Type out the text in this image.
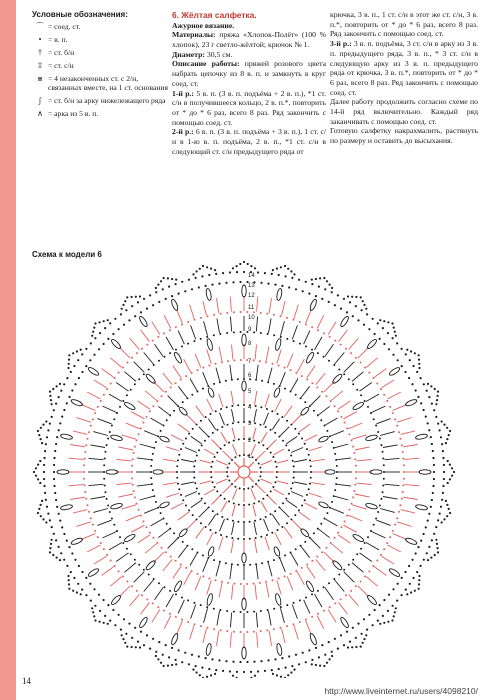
Условные обозначения:
⌒ = соед. ст.
• = в. п.
† = ст. б/н
‡ = ст. с/н
⩎ = 4 незаконченных ст. с 2/н, связанных вместе, на 1 ст. основания
ʃ = ст. б/н за арку нижележащего ряда
∧ = арка из 5 в. п.

6. Жёлтая салфетка.

Ажурное вязание.

Материалы: пряжа «Хлопок-Полёт» (100 % хлопок), 23 г светло-жёлтой; крючок № 1.

Диаметр: 30,5 см.

Описание работы: пряжей розового цвета набрать цепочку из 8 в. п. и замкнуть в круг соед. ст.

1-й р.: 5 в. п. (3 в. п. подъёма + 2 в. п.), *1 ст. с/н в получившееся кольцо, 2 в. п.*, повторить от * до * 6 раз, всего 8 раз. Ряд закончить с помощью соед. ст.

2-й р.: 6 в. п. (3 в. п. подъёма + 3 в. п.), 1 ст. с/н в 1-ю в. п. подъёма, 2 в. п., *1 ст. с/н в следующий ст. с/н предыдущего ряда от

крючка, 3 в. п., 1 ст. с/н в этот же ст. с/н, 3 в. п.*, повторить от * до * 6 раз, всего 8 раз. Ряд закончить с помощью соед. ст.

3-й р.: 3 в. п. подъёма, 3 ст. с/н в арку из 3 в. п. предыдущего ряда, 3 в. п., * 3 ст. с/н в следующую арку из 3 в. п. предыдущего ряда от крючка, 3 в. п.*, повторить от * до * 6 раз, всего 8 раз. Ряд закончить с помощью соед. ст.

Далее работу продолжить согласно схеме по 14-й ряд включительно. Каждый ряд заканчивать с помощью соед. ст.

Готовую салфетку накрахмалить, растянуть по размеру и оставить до высыхания.

Схема к модели 6
14
13
12
11
10
9
8
7
6
5
4
3
2
1
14
http://www.liveinternet.ru/users/4098210/
